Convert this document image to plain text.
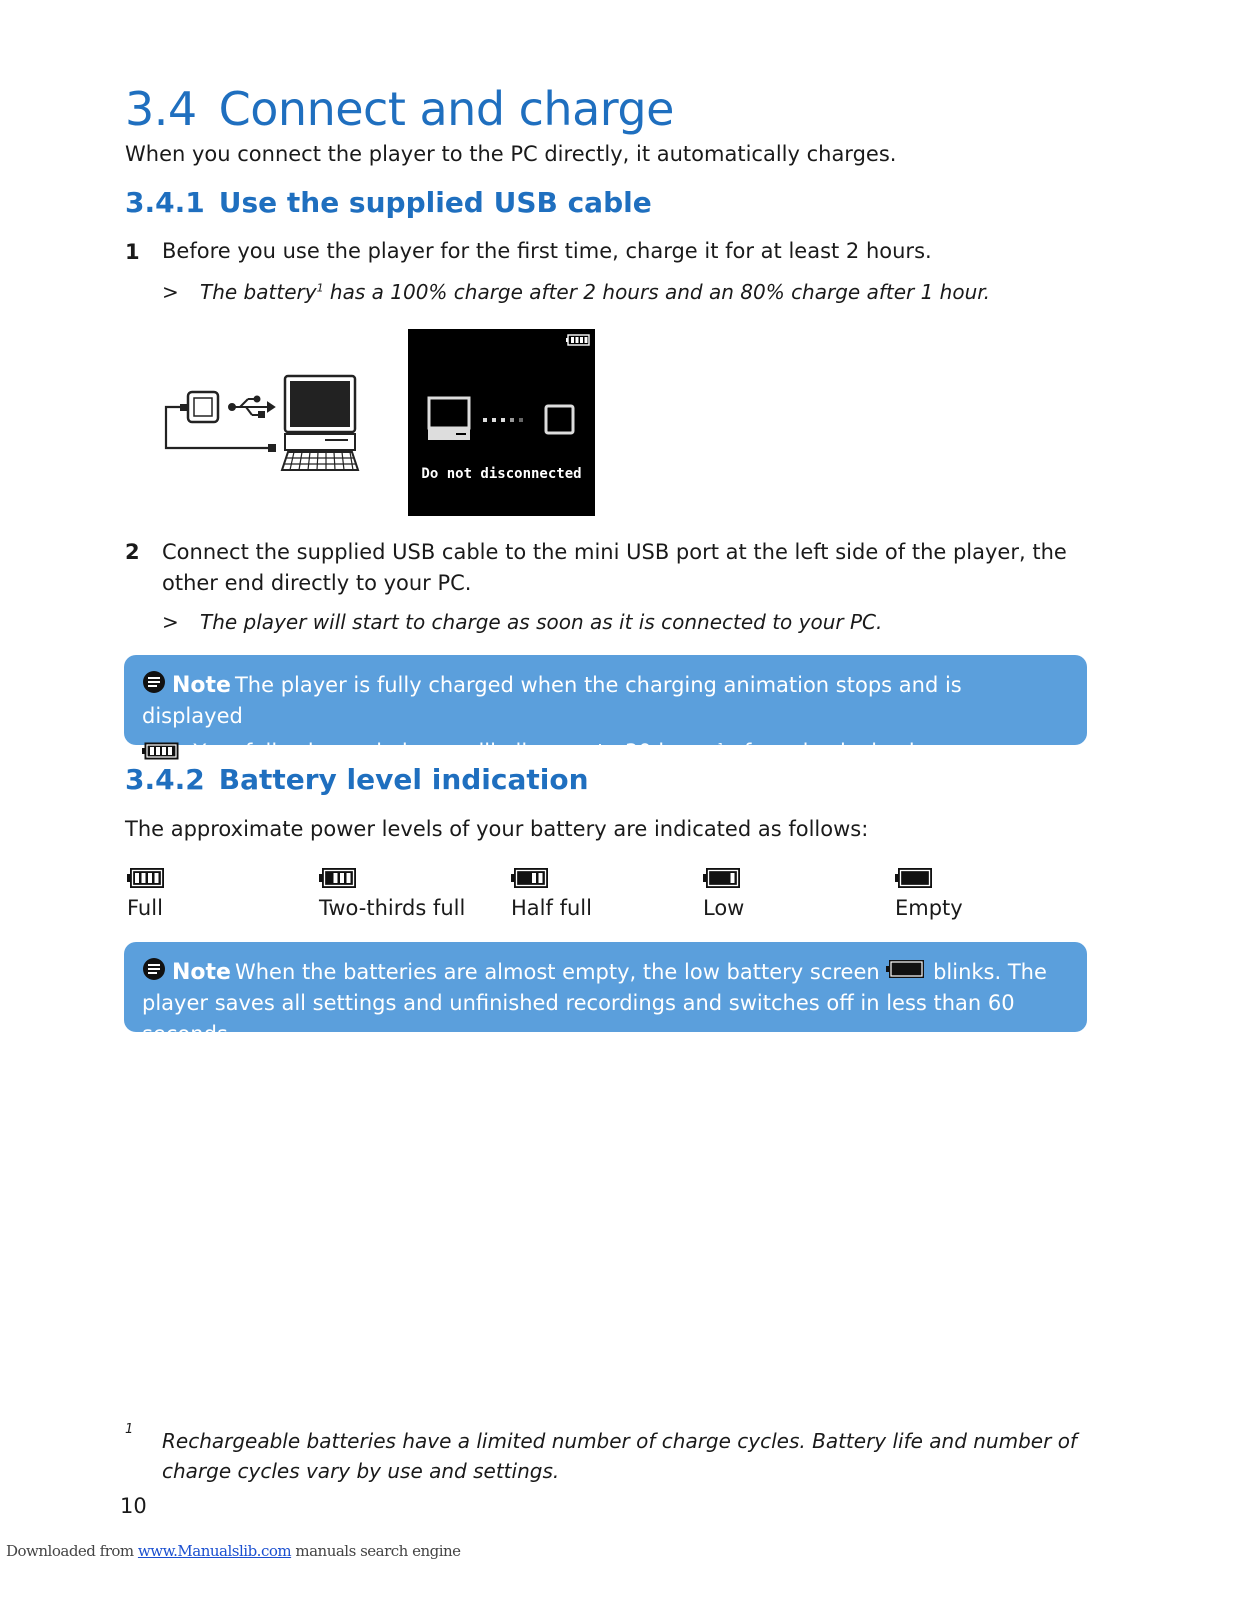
3.4 Connect and charge
When you connect the player to the PC directly, it automatically charges.
3.4.1 Use the supplied USB cable
1 Before you use the player for the first time, charge it for at least 2 hours.
> The battery$^1$ has a 100% charge after 2 hours and an 80% charge after 1 hour.
Do not disconnected
2 Connect the supplied USB cable to the mini USB port at the left side of the player, the
other end directly to your PC.
> The player will start to charge as soon as it is connected to your PC.
Note The player is fully charged when the charging animation stops and is displayed
. Your fully charged player will allow up to 30 hours$^1$ of music playback.
3.4.2 Battery level indication
The approximate power levels of your battery are indicated as follows:
Full	Two-thirds full Half full	Low	Empty
Note When the batteries are almost empty, the low battery screen	blinks. The
player saves all settings and unfinished recordings and switches off in less than 60 seconds.
1 Rechargeable batteries have a limited number of charge cycles. Battery life and number of charge cycles vary by use and settings.
10
Downloaded from www.Manualslib.com manuals search engine
